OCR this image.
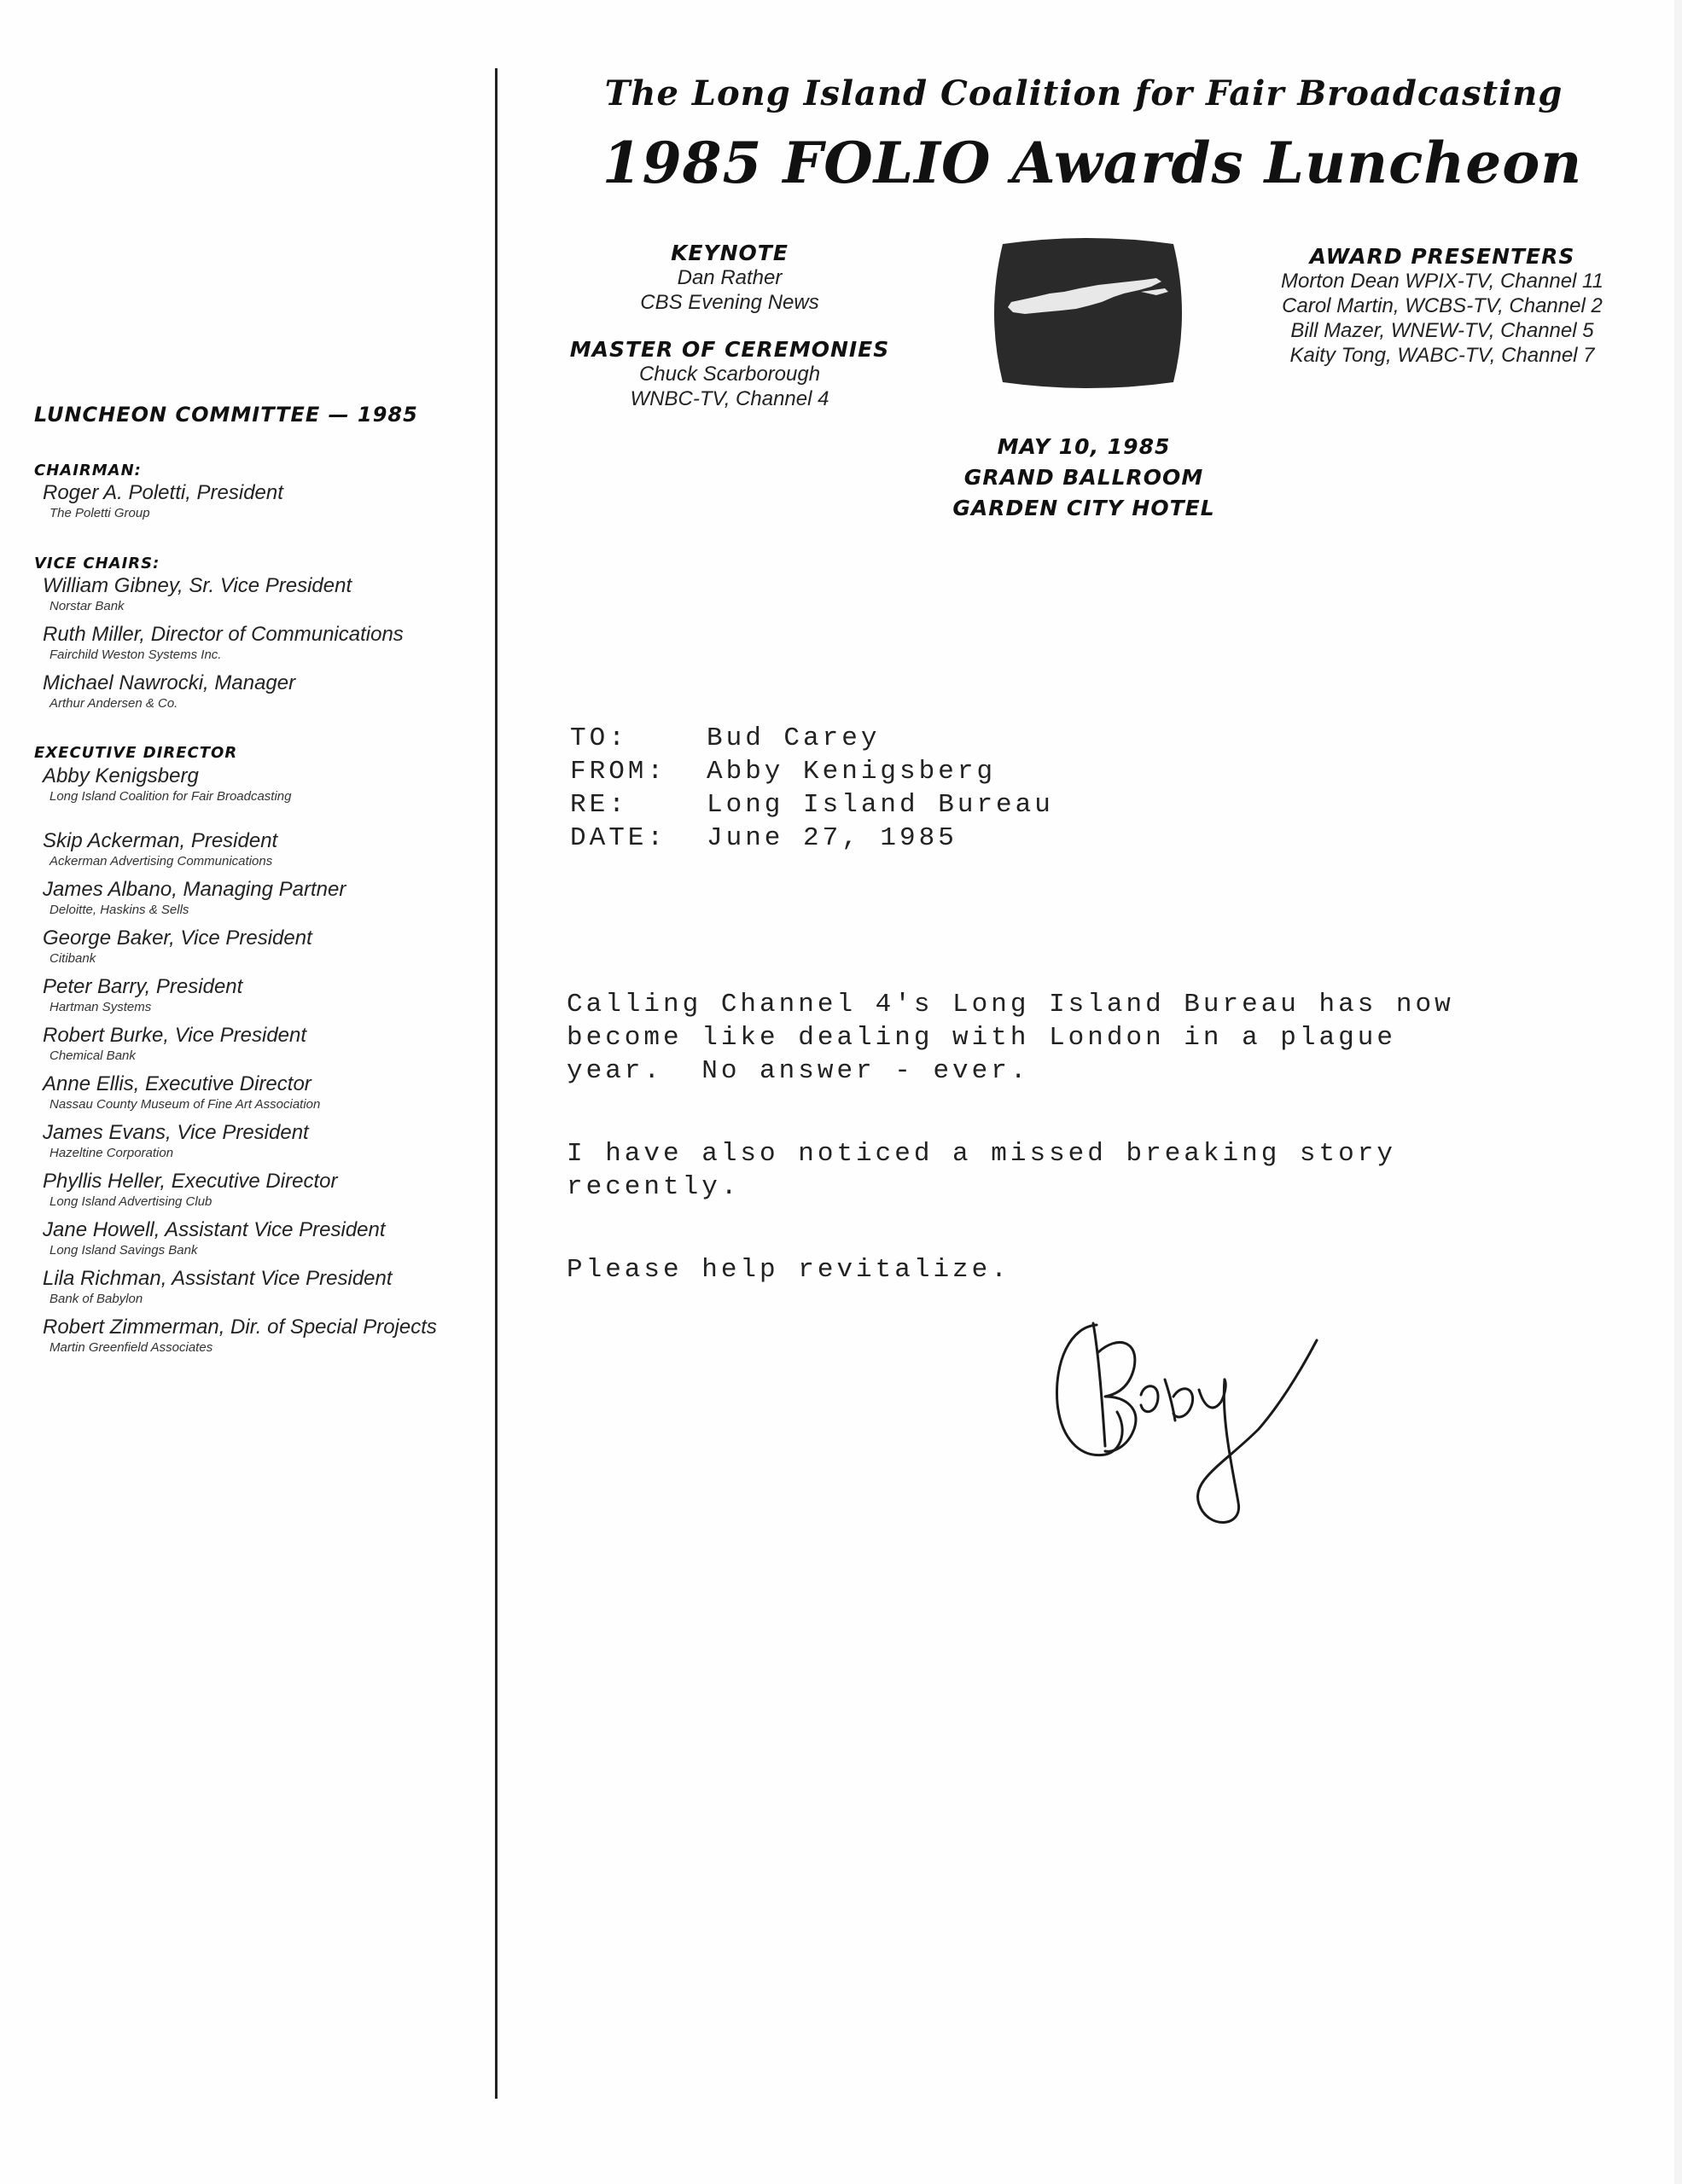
The Long Island Coalition for Fair Broadcasting
1985 FOLIO Awards Luncheon
KEYNOTE
Dan Rather
CBS Evening News
MASTER OF CEREMONIES
Chuck Scarborough
WNBC-TV, Channel 4
AWARD PRESENTERS
Morton Dean WPIX-TV, Channel 11
Carol Martin, WCBS-TV, Channel 2
Bill Mazer, WNEW-TV, Channel 5
Kaity Tong, WABC-TV, Channel 7
MAY 10, 1985
GRAND BALLROOM
GARDEN CITY HOTEL
LUNCHEON COMMITTEE — 1985
CHAIRMAN:
Roger A. Poletti, President
The Poletti Group
VICE CHAIRS:
William Gibney, Sr. Vice President
Norstar Bank
Ruth Miller, Director of Communications
Fairchild Weston Systems Inc.
Michael Nawrocki, Manager
Arthur Andersen & Co.
EXECUTIVE DIRECTOR
Abby Kenigsberg
Long Island Coalition for Fair Broadcasting
Skip Ackerman, President
Ackerman Advertising Communications
James Albano, Managing Partner
Deloitte, Haskins & Sells
George Baker, Vice President
Citibank
Peter Barry, President
Hartman Systems
Robert Burke, Vice President
Chemical Bank
Anne Ellis, Executive Director
Nassau County Museum of Fine Art Association
James Evans, Vice President
Hazeltine Corporation
Phyllis Heller, Executive Director
Long Island Advertising Club
Jane Howell, Assistant Vice President
Long Island Savings Bank
Lila Richman, Assistant Vice President
Bank of Babylon
Robert Zimmerman, Dir. of Special Projects
Martin Greenfield Associates
TO:	Bud Carey
FROM: Abby Kenigsberg
RE:	Long Island Bureau
DATE: June 27, 1985
Calling Channel 4's Long Island Bureau has now
become like dealing with London in a plague
year.  No answer - ever.
I have also noticed a missed breaking story
recently.
Please help revitalize.
